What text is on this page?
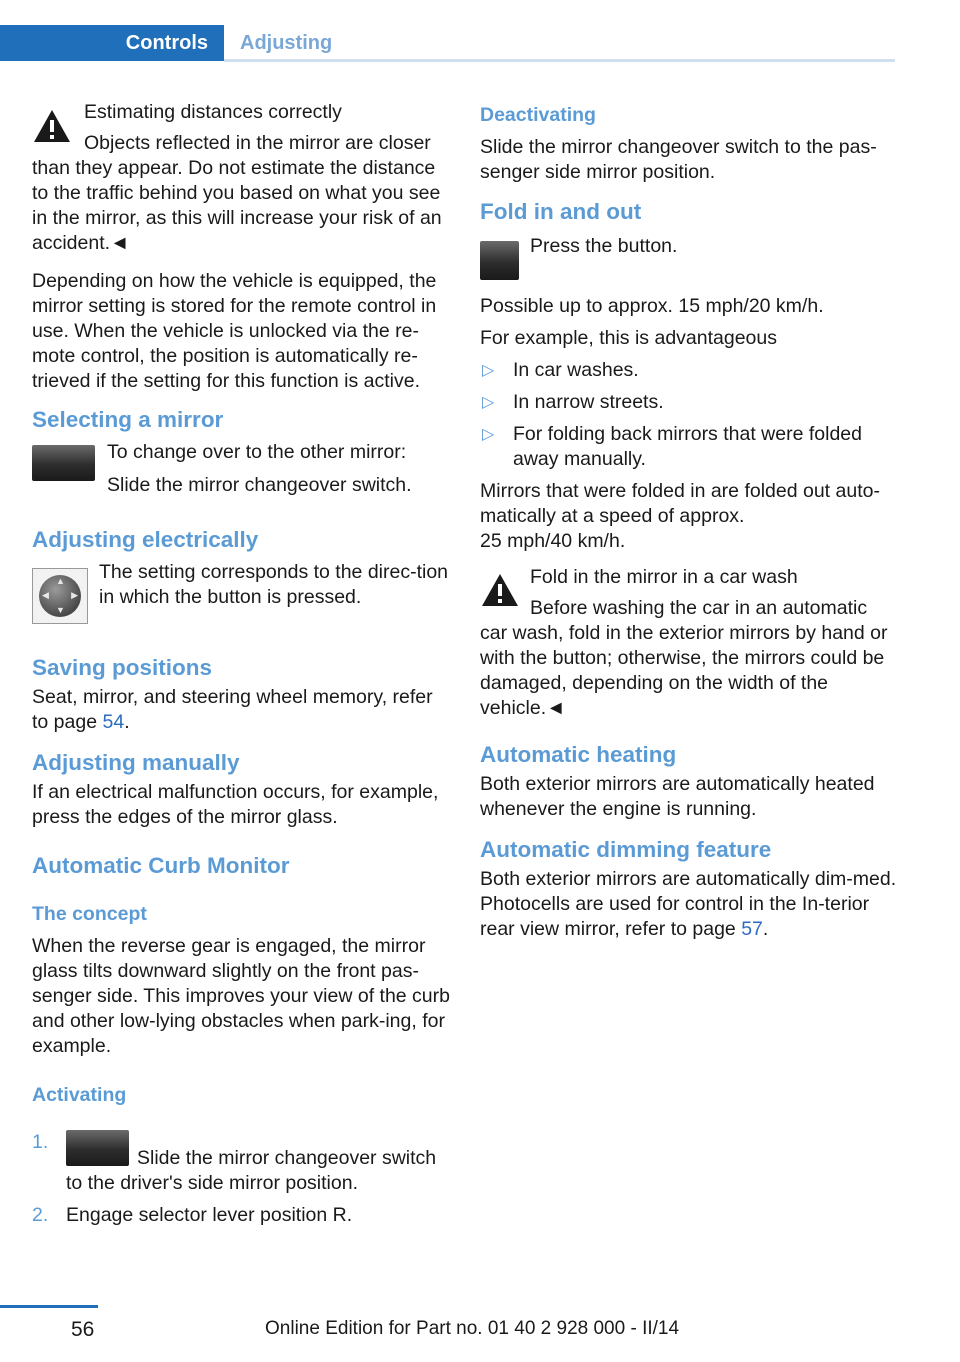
Controls Adjusting

Estimating distances correctly

Objects reflected in the mirror are closer

than they appear. Do not estimate the distance to the traffic behind you based on what you see in the mirror, as this will increase your risk of an accident.◄

Depending on how the vehicle is equipped, the mirror setting is stored for the remote control in use. When the vehicle is unlocked via the re-mote control, the position is automatically re-trieved if the setting for this function is active.

Selecting a mirror

To change over to the other mirror:

Slide the mirror changeover switch.

Adjusting electrically
▲
▼
◀ ▶

The setting corresponds to the direc-tion in which the button is pressed.

Saving positions

Seat, mirror, and steering wheel memory, refer to page 54.

Adjusting manually

If an electrical malfunction occurs, for example, press the edges of the mirror glass.

Automatic Curb Monitor
The concept

When the reverse gear is engaged, the mirror glass tilts downward slightly on the front pas-senger side. This improves your view of the curb and other low-lying obstacles when park-ing, for example.

Activating
1.
Slide the mirror changeover switch to the driver's side mirror position.
2. Engage selector lever position R.
Deactivating

Slide the mirror changeover switch to the pas-senger side mirror position.

Fold in and out

Press the button.

Possible up to approx. 15 mph/20 km/h.

For example, this is advantageous

▷ In car washes.
▷ In narrow streets.
▷ For folding back mirrors that were folded away manually.

Mirrors that were folded in are folded out auto-matically at a speed of approx.

25 mph/40 km/h.

Fold in the mirror in a car wash

Before washing the car in an automatic

car wash, fold in the exterior mirrors by hand or with the button; otherwise, the mirrors could be damaged, depending on the width of the vehicle.◄

Automatic heating

Both exterior mirrors are automatically heated whenever the engine is running.

Automatic dimming feature

Both exterior mirrors are automatically dim-med. Photocells are used for control in the In-terior rear view mirror, refer to page 57.

56	Online Edition for Part no. 01 40 2 928 000 - II/14
